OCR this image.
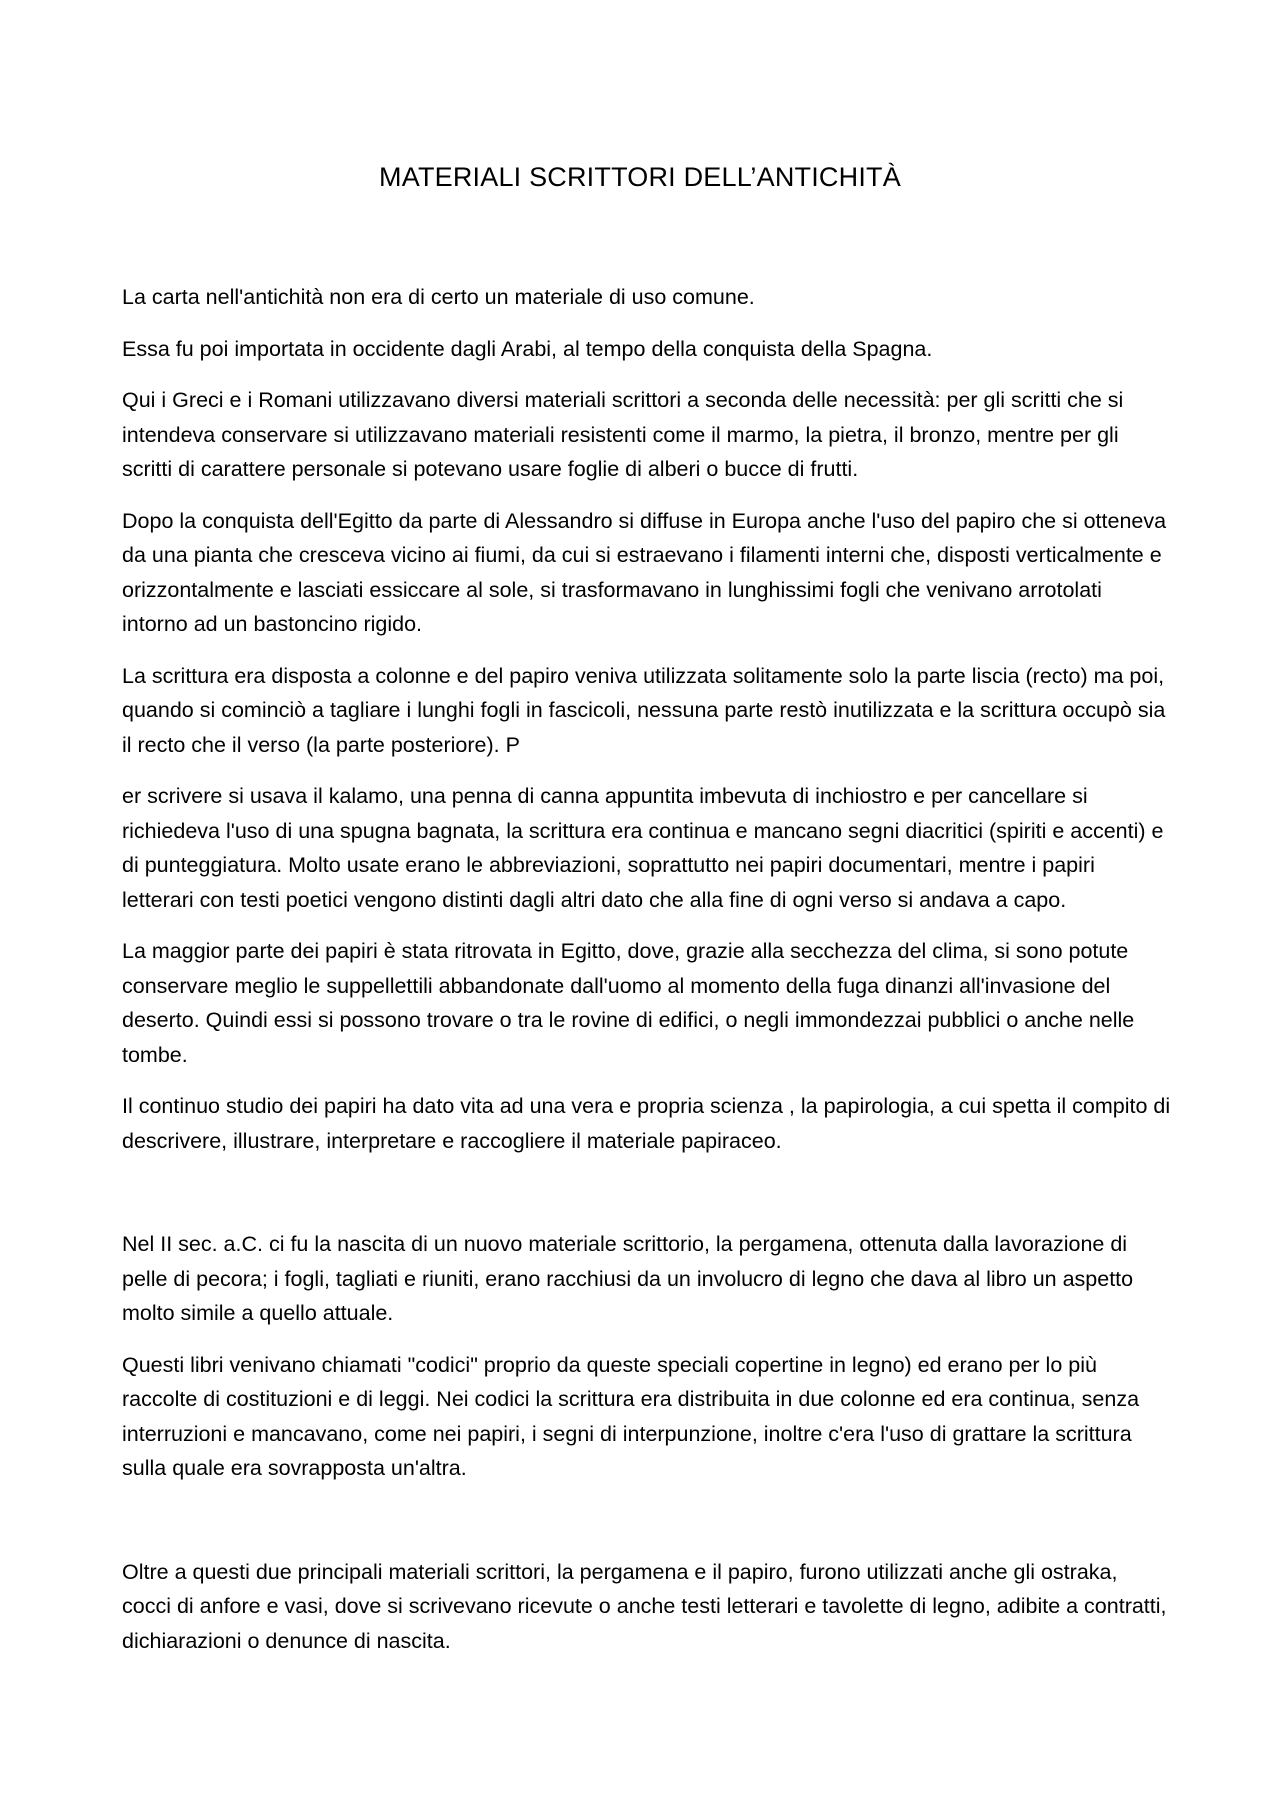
MATERIALI SCRITTORI DELL’ANTICHITÀ

La carta nell'antichità non era di certo un materiale di uso comune.

Essa fu poi importata in occidente dagli Arabi, al tempo della conquista della Spagna.

Qui i Greci e i Romani utilizzavano diversi materiali scrittori a seconda delle necessità: per gli scritti che si intendeva conservare si utilizzavano materiali resistenti come il marmo, la pietra, il bronzo, mentre per gli scritti di carattere personale si potevano usare foglie di alberi o bucce di frutti.

Dopo la conquista dell'Egitto da parte di Alessandro si diffuse in Europa anche l'uso del papiro che si otteneva da una pianta che cresceva vicino ai fiumi, da cui si estraevano i filamenti interni che, disposti verticalmente e orizzontalmente e lasciati essiccare al sole, si trasformavano in lunghissimi fogli che venivano arrotolati intorno ad un bastoncino rigido.

La scrittura era disposta a colonne e del papiro veniva utilizzata solitamente solo la parte liscia (recto) ma poi, quando si cominciò a tagliare i lunghi fogli in fascicoli, nessuna parte restò inutilizzata e la scrittura occupò sia il recto che il verso (la parte posteriore). P

er scrivere si usava il kalamo, una penna di canna appuntita imbevuta di inchiostro e per cancellare si richiedeva l'uso di una spugna bagnata, la scrittura era continua e mancano segni diacritici (spiriti e accenti) e di punteggiatura. Molto usate erano le abbreviazioni, soprattutto nei papiri documentari, mentre i papiri letterari con testi poetici vengono distinti dagli altri dato che alla fine di ogni verso si andava a capo.

La maggior parte dei papiri è stata ritrovata in Egitto, dove, grazie alla secchezza del clima, si sono potute conservare meglio le suppellettili abbandonate dall'uomo al momento della fuga dinanzi all'invasione del deserto. Quindi essi si possono trovare o tra le rovine di edifici, o negli immondezzai pubblici o anche nelle tombe.

Il continuo studio dei papiri ha dato vita ad una vera e propria scienza , la papirologia, a cui spetta il compito di descrivere, illustrare, interpretare e raccogliere il materiale papiraceo.

Nel II sec. a.C. ci fu la nascita di un nuovo materiale scrittorio, la pergamena, ottenuta dalla lavorazione di pelle di pecora; i fogli, tagliati e riuniti, erano racchiusi da un involucro di legno che dava al libro un aspetto molto simile a quello attuale.

Questi libri venivano chiamati "codici" proprio da queste speciali copertine in legno) ed erano per lo più raccolte di costituzioni e di leggi. Nei codici la scrittura era distribuita in due colonne ed era continua, senza interruzioni e mancavano, come nei papiri, i segni di interpunzione, inoltre c'era l'uso di grattare la scrittura sulla quale era sovrapposta un'altra.

Oltre a questi due principali materiali scrittori, la pergamena e il papiro, furono utilizzati anche gli ostraka, cocci di anfore e vasi, dove si scrivevano ricevute o anche testi letterari e tavolette di legno, adibite a contratti, dichiarazioni o denunce di nascita.
